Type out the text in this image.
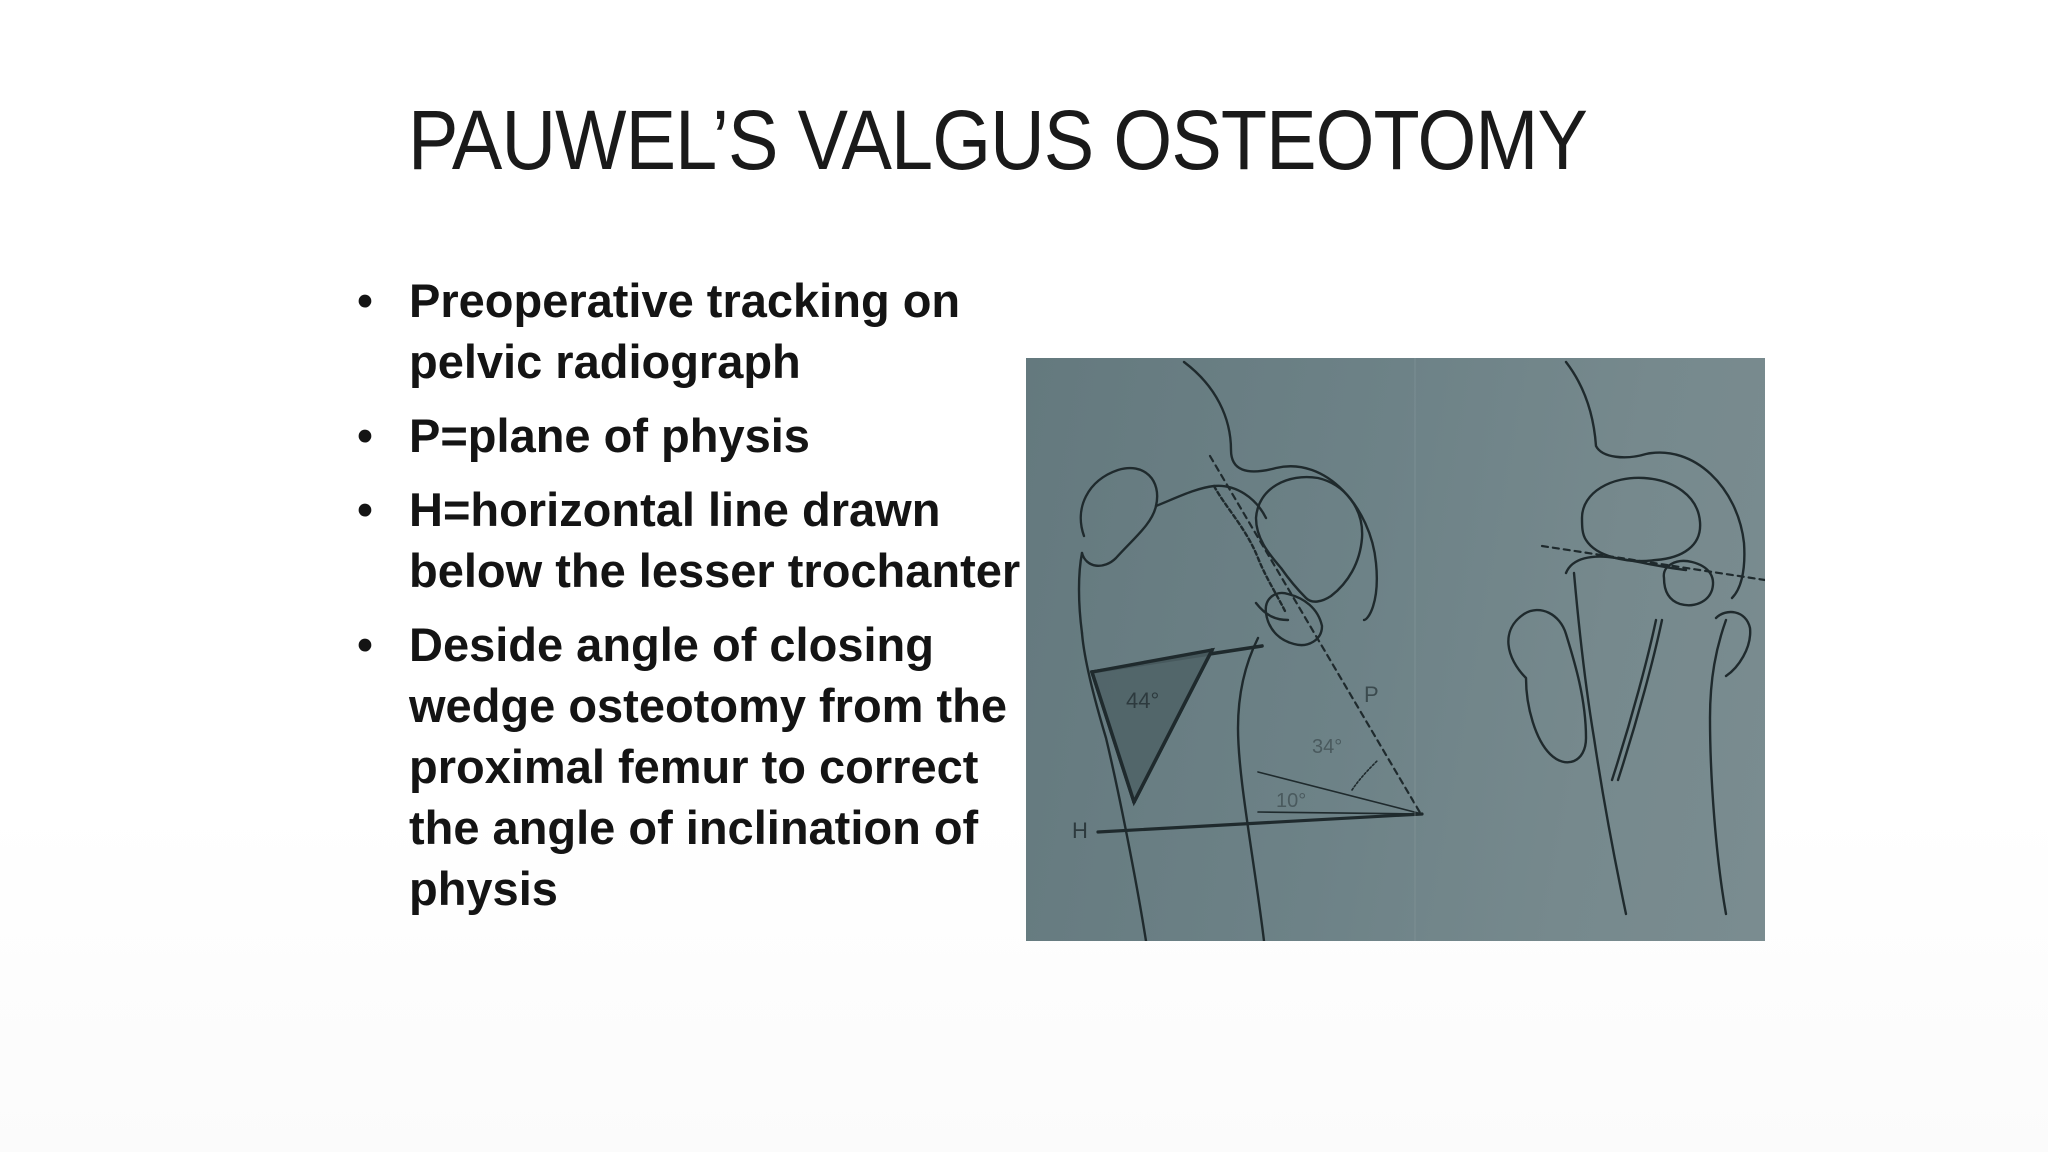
PAUWEL’S VALGUS OSTEOTOMY
• Preoperative tracking on pelvic radiograph
• P=plane of physis
• H=horizontal line drawn below the lesser trochanter
• Deside angle of closing wedge osteotomy from the proximal femur to correct the angle of inclination of physis
44°	P
34°
10°
H
